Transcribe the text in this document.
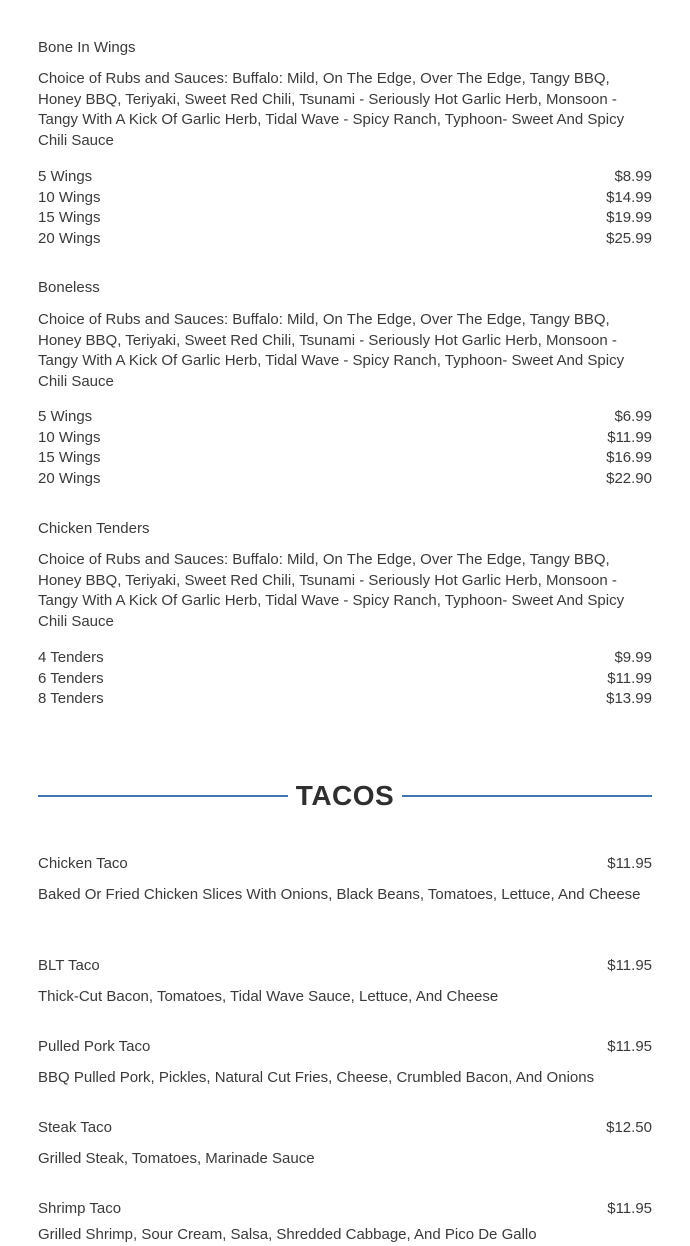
Bone In Wings
Choice of Rubs and Sauces: Buffalo: Mild, On The Edge, Over The Edge, Tangy BBQ, Honey BBQ, Teriyaki, Sweet Red Chili, Tsunami - Seriously Hot Garlic Herb, Monsoon - Tangy With A Kick Of Garlic Herb, Tidal Wave - Spicy Ranch, Typhoon- Sweet And Spicy Chili Sauce
5 Wings	$8.99
10 Wings	$14.99
15 Wings	$19.99
20 Wings	$25.99
Boneless
Choice of Rubs and Sauces: Buffalo: Mild, On The Edge, Over The Edge, Tangy BBQ, Honey BBQ, Teriyaki, Sweet Red Chili, Tsunami - Seriously Hot Garlic Herb, Monsoon - Tangy With A Kick Of Garlic Herb, Tidal Wave - Spicy Ranch, Typhoon- Sweet And Spicy Chili Sauce
5 Wings	$6.99
10 Wings	$11.99
15 Wings	$16.99
20 Wings	$22.90
Chicken Tenders
Choice of Rubs and Sauces: Buffalo: Mild, On The Edge, Over The Edge, Tangy BBQ, Honey BBQ, Teriyaki, Sweet Red Chili, Tsunami - Seriously Hot Garlic Herb, Monsoon - Tangy With A Kick Of Garlic Herb, Tidal Wave - Spicy Ranch, Typhoon- Sweet And Spicy Chili Sauce
4 Tenders	$9.99
6 Tenders	$11.99
8 Tenders	$13.99
TACOS
Chicken Taco	$11.95
Baked Or Fried Chicken Slices With Onions, Black Beans, Tomatoes, Lettuce, And Cheese
BLT Taco	$11.95
Thick-Cut Bacon, Tomatoes, Tidal Wave Sauce, Lettuce, And Cheese
Pulled Pork Taco	$11.95
BBQ Pulled Pork, Pickles, Natural Cut Fries, Cheese, Crumbled Bacon, And Onions
Steak Taco	$12.50
Grilled Steak, Tomatoes, Marinade Sauce
Shrimp Taco	$11.95
Grilled Shrimp, Sour Cream, Salsa, Shredded Cabbage, And Pico De Gallo
